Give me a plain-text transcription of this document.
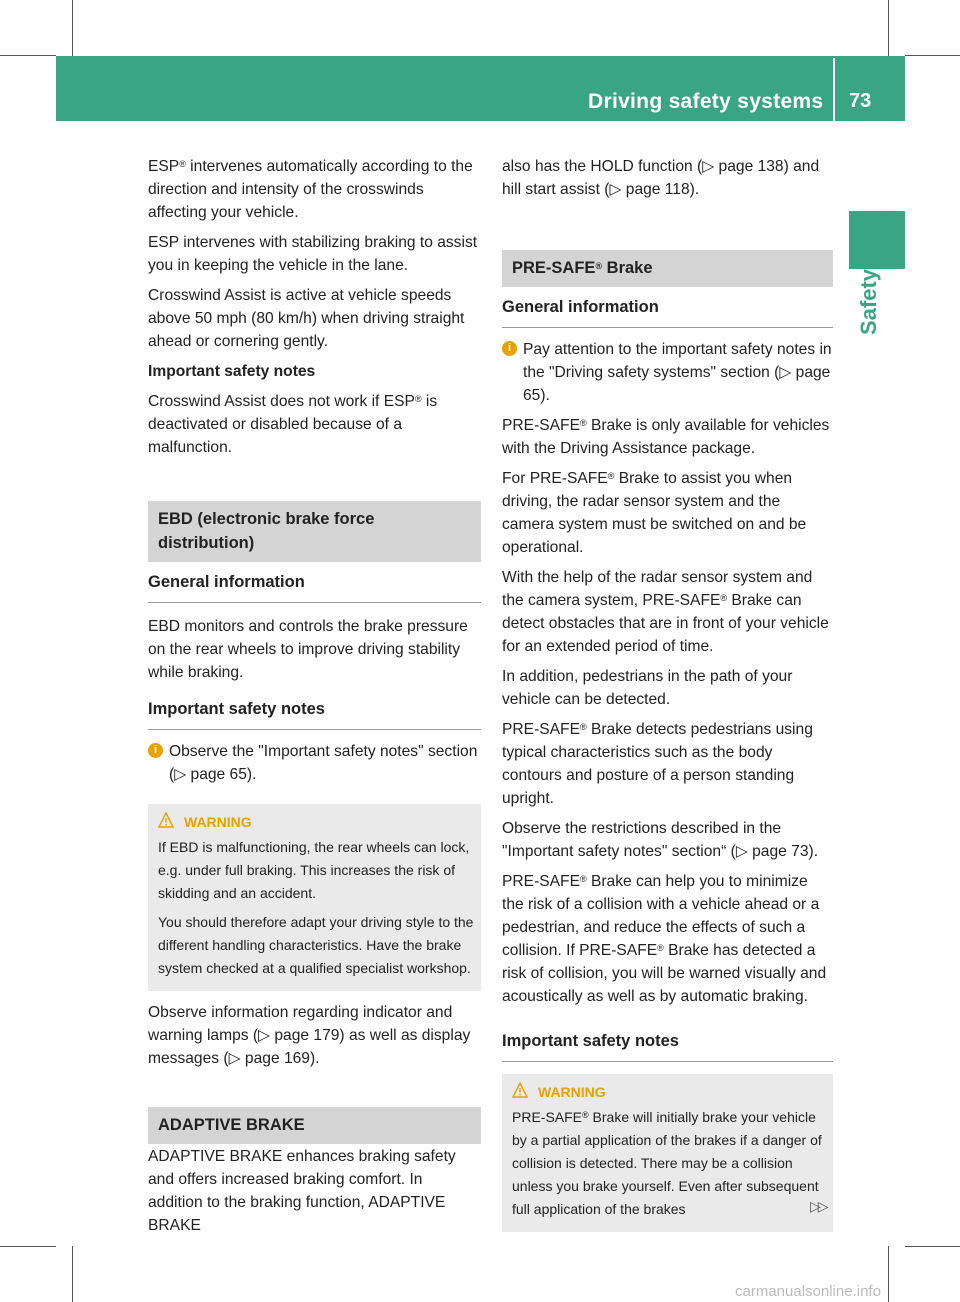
Driving safety systems 73
Safety

ESP® intervenes automatically according to the direction and intensity of the crosswinds affecting your vehicle.

ESP intervenes with stabilizing braking to assist you in keeping the vehicle in the lane.

Crosswind Assist is active at vehicle speeds above 50 mph (80 km/h) when driving straight ahead or cornering gently.

Important safety notes

Crosswind Assist does not work if ESP® is deactivated or disabled because of a malfunction.

EBD (electronic brake force distribution)
General information

EBD monitors and controls the brake pressure on the rear wheels to improve driving stability while braking.

Important safety notes

i Observe the "Important safety notes" section (▷ page 65).

WARNING

If EBD is malfunctioning, the rear wheels can lock, e.g. under full braking. This increases the risk of skidding and an accident.

You should therefore adapt your driving style to the different handling characteristics. Have the brake system checked at a qualified specialist workshop.

Observe information regarding indicator and warning lamps (▷ page 179) as well as display messages (▷ page 169).

ADAPTIVE BRAKE

ADAPTIVE BRAKE enhances braking safety and offers increased braking comfort. In addition to the braking function, ADAPTIVE BRAKE

also has the HOLD function (▷ page 138) and hill start assist (▷ page 118).

PRE-SAFE® Brake
General information

i Pay attention to the important safety notes in the "Driving safety systems" section (▷ page 65).

PRE-SAFE® Brake is only available for vehicles with the Driving Assistance package.

For PRE-SAFE® Brake to assist you when driving, the radar sensor system and the camera system must be switched on and be operational.

With the help of the radar sensor system and the camera system, PRE-SAFE® Brake can detect obstacles that are in front of your vehicle for an extended period of time.

In addition, pedestrians in the path of your vehicle can be detected.

PRE-SAFE® Brake detects pedestrians using typical characteristics such as the body contours and posture of a person standing upright.

Observe the restrictions described in the "Important safety notes" section“ (▷ page 73).

PRE-SAFE® Brake can help you to minimize the risk of a collision with a vehicle ahead or a pedestrian, and reduce the effects of such a collision. If PRE-SAFE® Brake has detected a risk of collision, you will be warned visually and acoustically as well as by automatic braking.

Important safety notes
WARNING

PRE-SAFE® Brake will initially brake your vehicle by a partial application of the brakes if a danger of collision is detected. There may be a collision unless you brake yourself. Even after subsequent full application of the brakes	▷▷
carmanualsonline.info
